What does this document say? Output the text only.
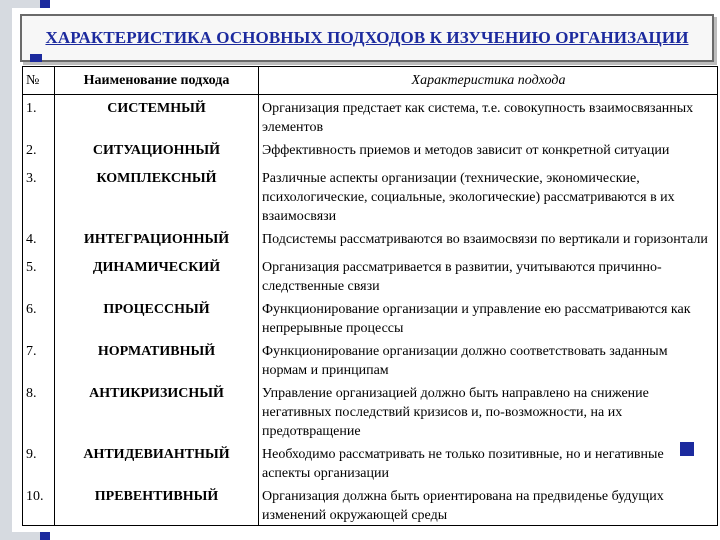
ХАРАКТЕРИСТИКА ОСНОВНЫХ ПОДХОДОВ К ИЗУЧЕНИЮ ОРГАНИЗАЦИИ
№	Наименование подхода	Характеристика подхода
1.	СИСТЕМНЫЙ	Организация предстает как система, т.е. совокупность взаимосвязанных элементов
2.	СИТУАЦИОННЫЙ	Эффективность приемов и методов зависит от конкретной ситуации
3.	КОМПЛЕКСНЫЙ	Различные аспекты организации (технические, экономические, психологические, социальные, экологические) рассматриваются в их взаимосвязи
4.	ИНТЕГРАЦИОННЫЙ	Подсистемы рассматриваются во взаимосвязи по вертикали и горизонтали
5.	ДИНАМИЧЕСКИЙ	Организация рассматривается в развитии, учитываются причинно-следственные связи
6.	ПРОЦЕССНЫЙ	Функционирование организации и управление ею рассматриваются как непрерывные процессы
7.	НОРМАТИВНЫЙ	Функционирование организации должно соответствовать заданным нормам и принципам
8.	АНТИКРИЗИСНЫЙ	Управление организацией должно быть направлено на снижение негативных последствий кризисов и, по-возможности, на их предотвращение
9.	АНТИДЕВИАНТНЫЙ	Необходимо рассматривать не только позитивные, но и негативные аспекты организации
10.	ПРЕВЕНТИВНЫЙ	Организация должна быть ориентирована на предвиденье будущих изменений окружающей среды
